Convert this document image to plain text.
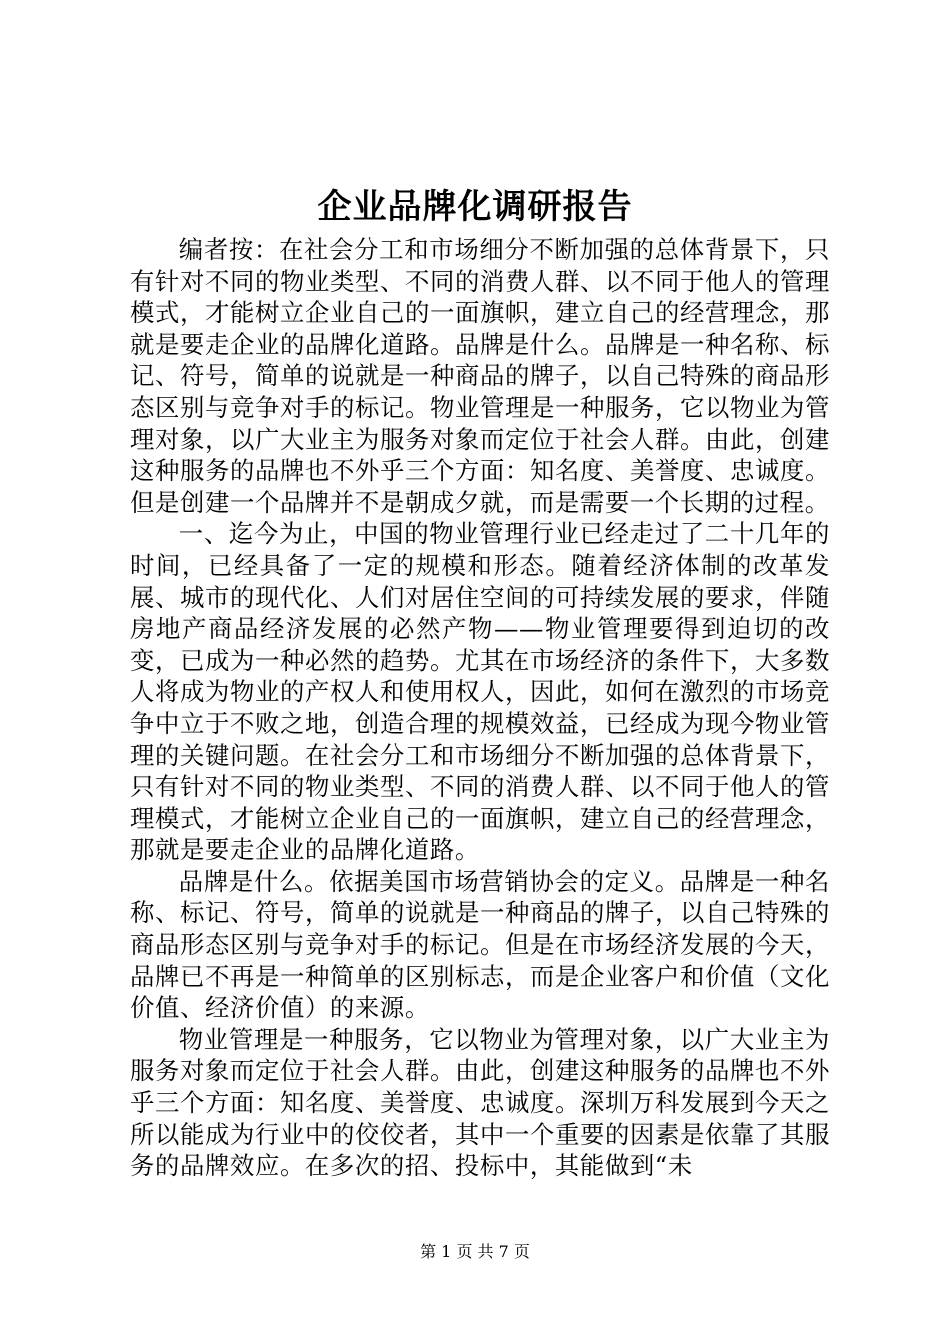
企业品牌化调研报告

编者按：在社会分工和市场细分不断加强的总体背景下，只有针对不同的物业类型、不同的消费人群、以不同于他人的管理模式，才能树立企业自己的一面旗帜，建立自己的经营理念，那就是要走企业的品牌化道路。品牌是什么。品牌是一种名称、标记、符号，简单的说就是一种商品的牌子，以自己特殊的商品形态区别与竞争对手的标记。物业管理是一种服务，它以物业为管理对象，以广大业主为服务对象而定位于社会人群。由此，创建这种服务的品牌也不外乎三个方面：知名度、美誉度、忠诚度。但是创建一个品牌并不是朝成夕就，而是需要一个长期的过程。

一、迄今为止，中国的物业管理行业已经走过了二十几年的时间，已经具备了一定的规模和形态。随着经济体制的改革发展、城市的现代化、人们对居住空间的可持续发展的要求，伴随房地产商品经济发展的必然产物——物业管理要得到迫切的改变，已成为一种必然的趋势。尤其在市场经济的条件下，大多数人将成为物业的产权人和使用权人，因此，如何在激烈的市场竞争中立于不败之地，创造合理的规模效益，已经成为现今物业管理的关键问题。在社会分工和市场细分不断加强的总体背景下，只有针对不同的物业类型、不同的消费人群、以不同于他人的管理模式，才能树立企业自己的一面旗帜，建立自己的经营理念，那就是要走企业的品牌化道路。

品牌是什么。依据美国市场营销协会的定义。品牌是一种名称、标记、符号，简单的说就是一种商品的牌子，以自己特殊的商品形态区别与竞争对手的标记。但是在市场经济发展的今天，品牌已不再是一种简单的区别标志，而是企业客户和价值（文化价值、经济价值）的来源。

物业管理是一种服务，它以物业为管理对象，以广大业主为服务对象而定位于社会人群。由此，创建这种服务的品牌也不外乎三个方面：知名度、美誉度、忠诚度。深圳万科发展到今天之所以能成为行业中的佼佼者，其中一个重要的因素是依靠了其服务的品牌效应。在多次的招、投标中，其能做到“未

第 1 页 共 7 页
